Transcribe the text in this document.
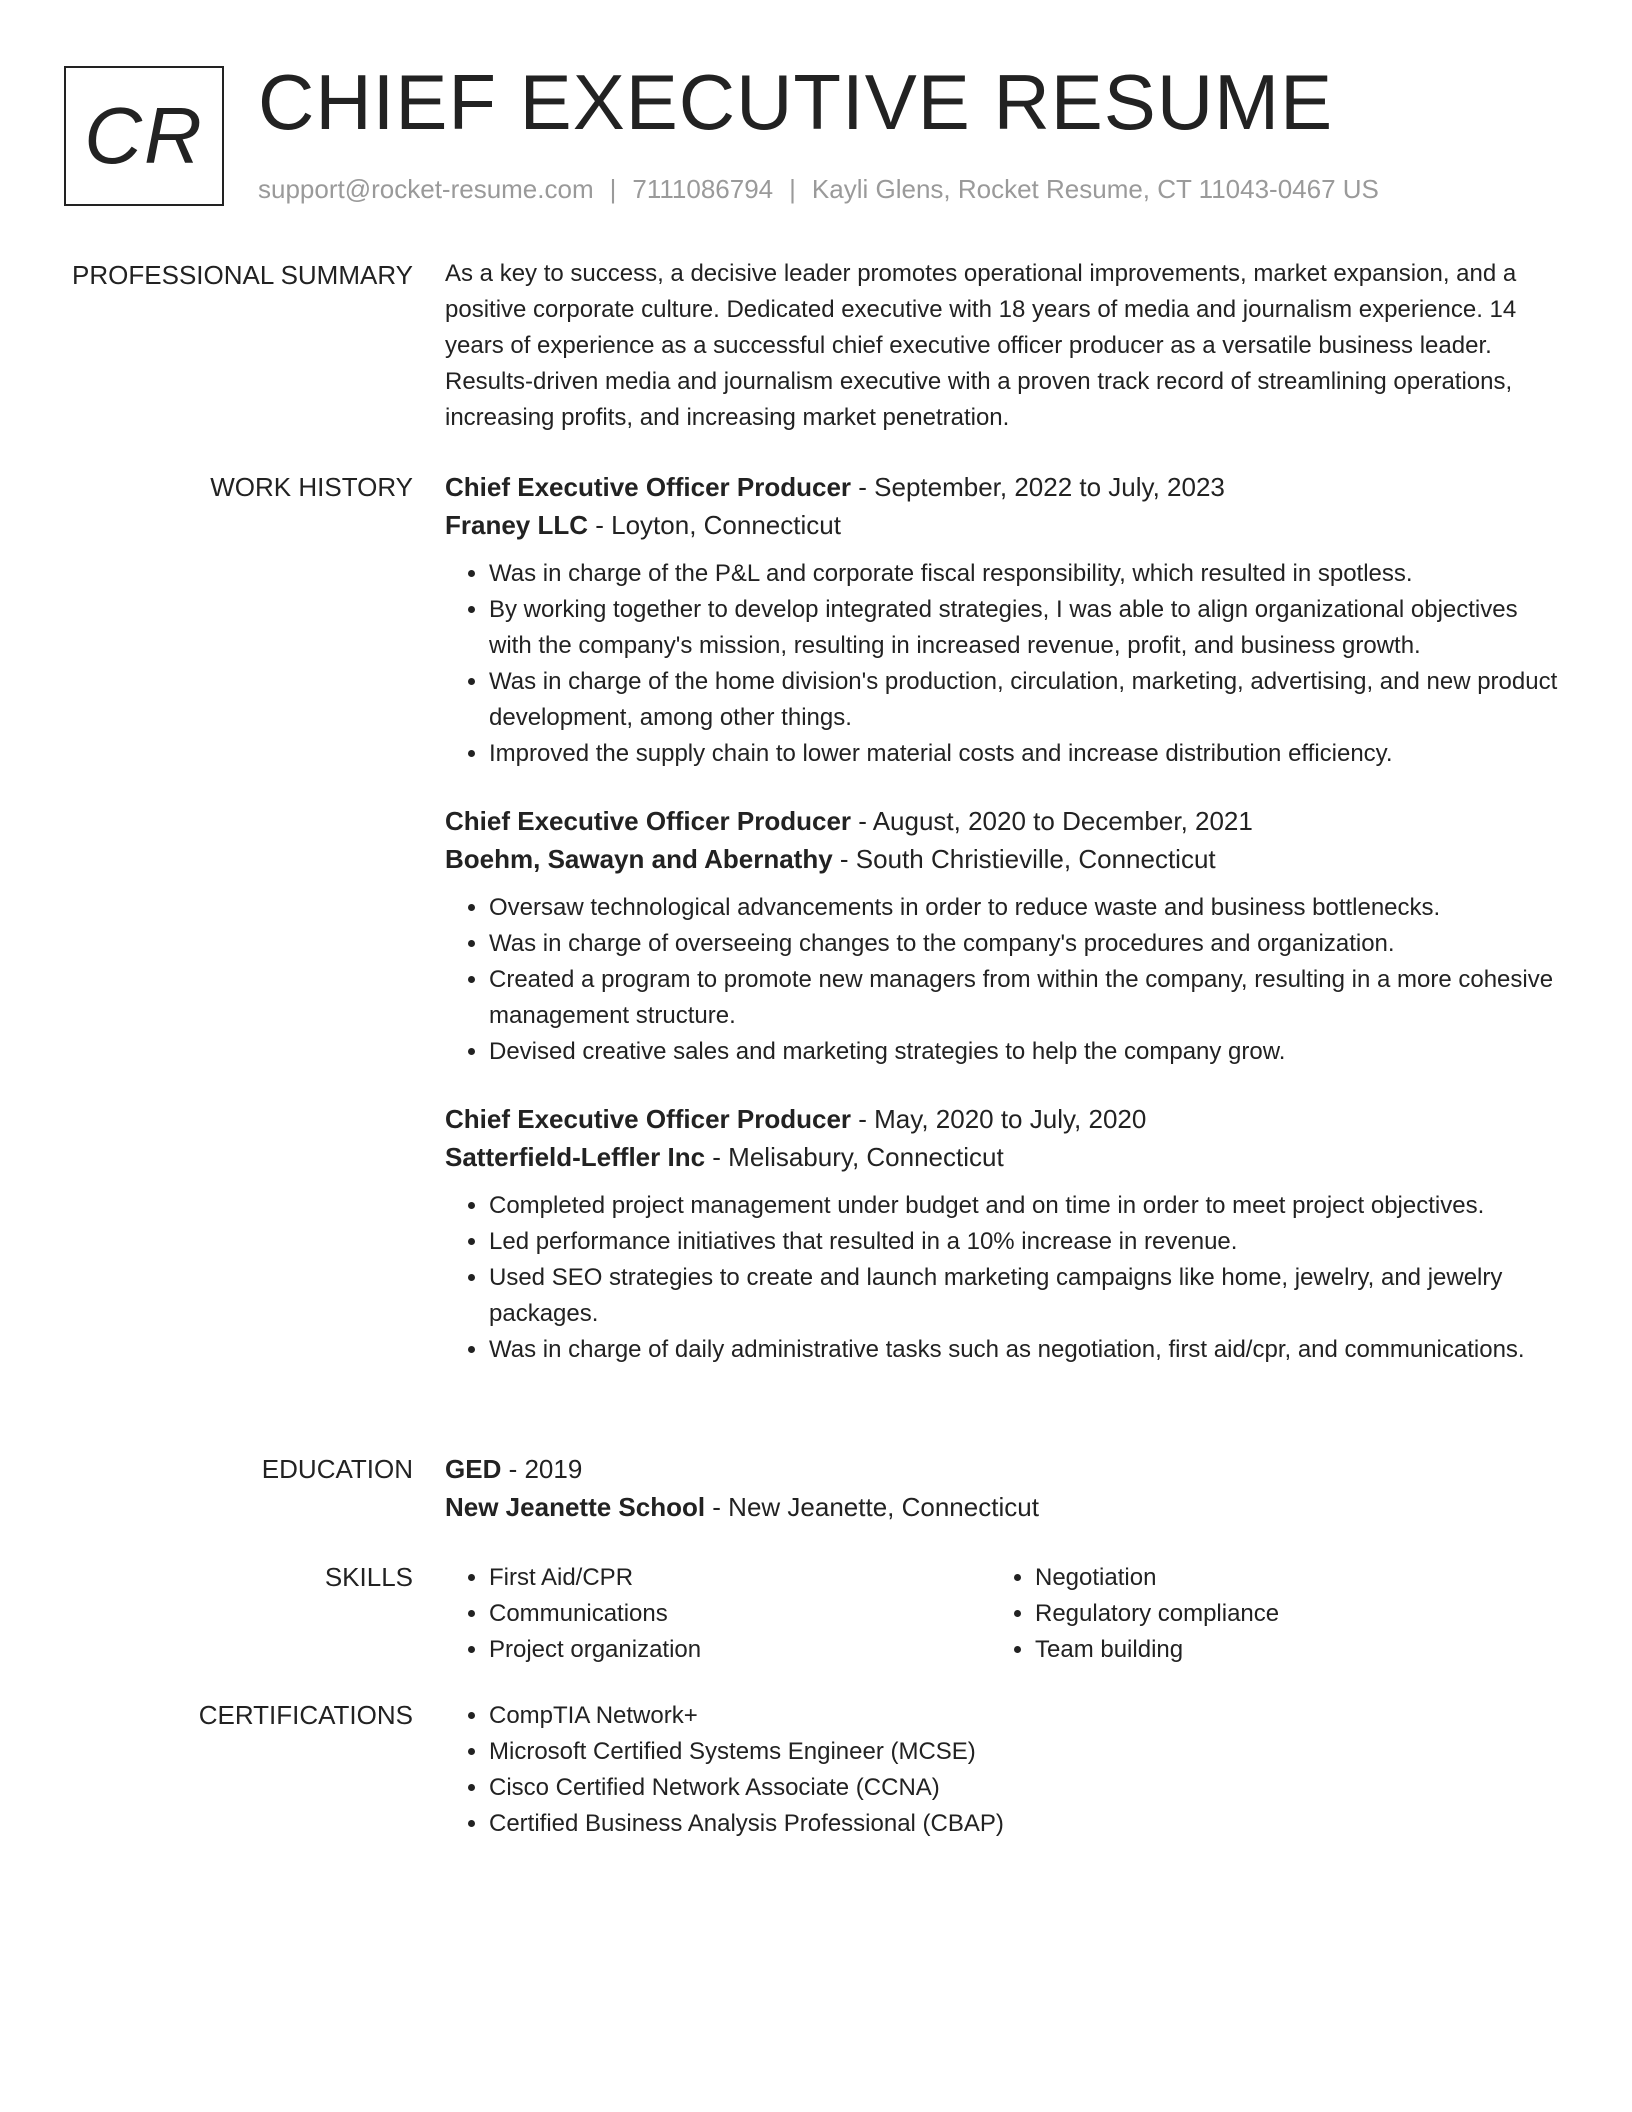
CR CHIEF EXECUTIVE RESUME
support@rocket-resume.com | 7111086794 | Kayli Glens, Rocket Resume, CT 11043-0467 US
PROFESSIONAL SUMMARY As a key to success, a decisive leader promotes operational improvements, market expansion, and a positive corporate culture. Dedicated executive with 18 years of media and journalism experience. 14 years of experience as a successful chief executive officer producer as a versatile business leader. Results-driven media and journalism executive with a proven track record of streamlining operations, increasing profits, and increasing market penetration.

WORK HISTORY Chief Executive Officer Producer - September, 2022 to July, 2023
Franey LLC - Loyton, Connecticut
• Was in charge of the P&L and corporate fiscal responsibility, which resulted in spotless.
• By working together to develop integrated strategies, I was able to align organizational objectives with the company's mission, resulting in increased revenue, profit, and business growth.
• Was in charge of the home division's production, circulation, marketing, advertising, and new product development, among other things.
• Improved the supply chain to lower material costs and increase distribution efficiency.
Chief Executive Officer Producer - August, 2020 to December, 2021
Boehm, Sawayn and Abernathy - South Christieville, Connecticut
• Oversaw technological advancements in order to reduce waste and business bottlenecks.
• Was in charge of overseeing changes to the company's procedures and organization.
• Created a program to promote new managers from within the company, resulting in a more cohesive management structure.
• Devised creative sales and marketing strategies to help the company grow.
Chief Executive Officer Producer - May, 2020 to July, 2020
Satterfield-Leffler Inc - Melisabury, Connecticut
• Completed project management under budget and on time in order to meet project objectives.
• Led performance initiatives that resulted in a 10% increase in revenue.
• Used SEO strategies to create and launch marketing campaigns like home, jewelry, and jewelry packages.
• Was in charge of daily administrative tasks such as negotiation, first aid/cpr, and communications.
EDUCATION GED - 2019
New Jeanette School - New Jeanette, Connecticut
SKILLS	• First Aid/CPR
• Communications
• Project organization
• Negotiation
• Regulatory compliance
• Team building
CERTIFICATIONS	• CompTIA Network+
• Microsoft Certified Systems Engineer (MCSE)
• Cisco Certified Network Associate (CCNA)
• Certified Business Analysis Professional (CBAP)
